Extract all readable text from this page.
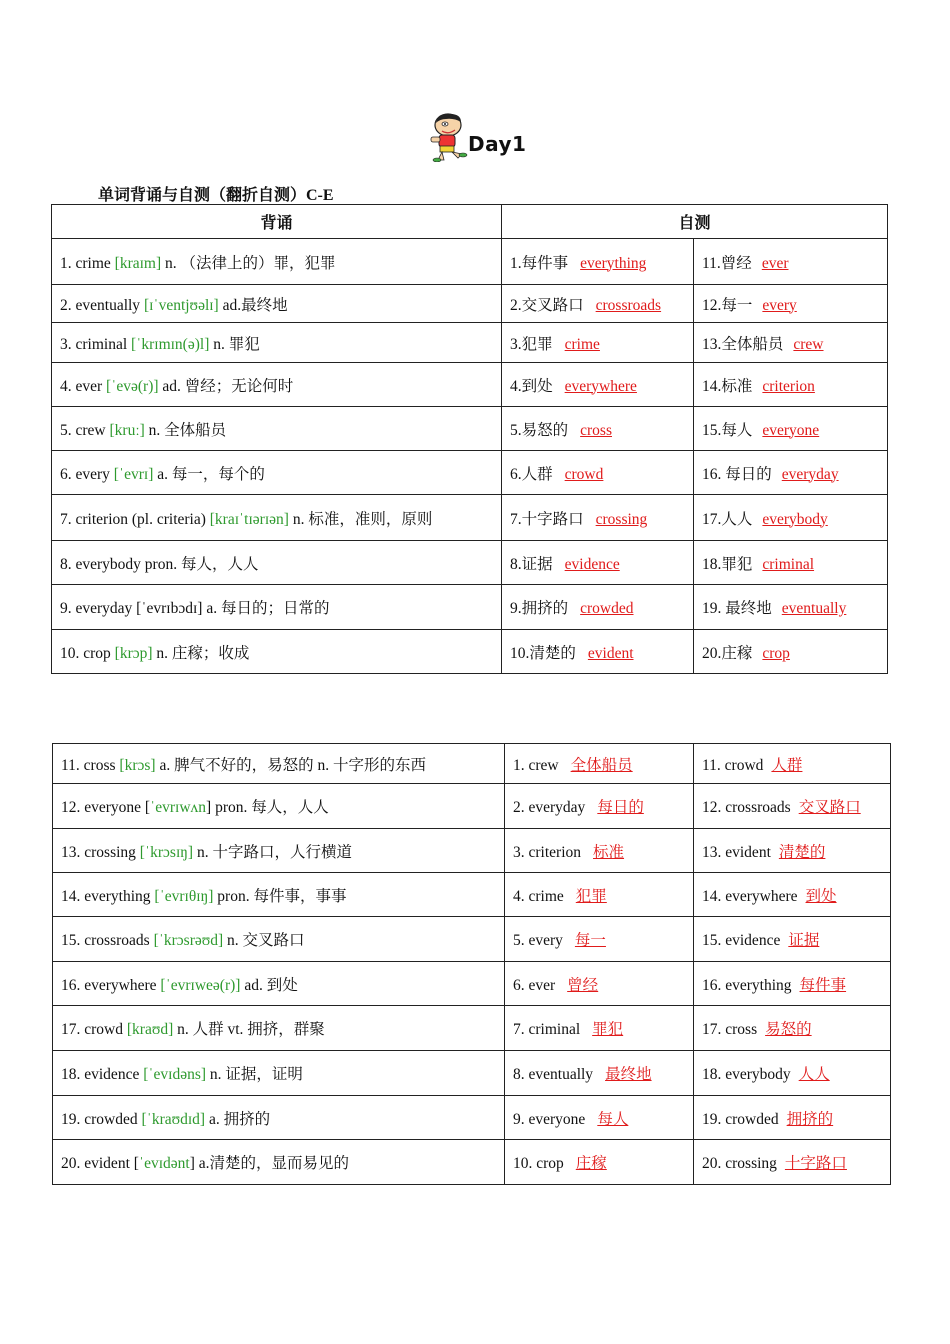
Day1
单词背诵与自测（翻折自测）C-E
背诵	自测	
1. crime [kraɪm] n. （法律上的）罪，犯罪	1.每件事 everything	11.曾经 ever
2. eventually [ɪˈventjʊəlɪ] ad.最终地	2.交叉路口 crossroads	12.每一 every
3. criminal [ˈkrɪmɪn(ə)l] n. 罪犯	3.犯罪 crime	13.全体船员 crew
4. ever [ˈevə(r)] ad. 曾经；无论何时	4.到处 everywhere	14.标准 criterion
5. crew [kruː] n. 全体船员	5.易怒的 cross	15.每人 everyone
6. every [ˈevrɪ] a. 每一，每个的	6.人群 crowd	16. 每日的 everyday
7. criterion (pl. criteria) [kraɪˈtɪərɪən] n. 标准，准则，原则	7.十字路口 crossing	17.人人 everybody
8. everybody pron. 每人，人人	8.证据 evidence	18.罪犯 criminal
9. everyday [ˈevrɪbɔdɪ] a. 每日的；日常的	9.拥挤的 crowded	19. 最终地 eventually
10. crop [krɔp] n. 庄稼；收成	10.清楚的 evident	20.庄稼 crop
11. cross [krɔs] a. 脾气不好的，易怒的 n. 十字形的东西	1. crew 全体船员	11. crowd 人群
12. everyone [ˈevrɪwʌn] pron. 每人，人人	2. everyday 每日的	12. crossroads 交叉路口
13. crossing [ˈkrɔsɪŋ] n. 十字路口，人行横道	3. criterion 标准	13. evident 清楚的
14. everything [ˈevrɪθɪŋ] pron. 每件事，事事	4. crime 犯罪	14. everywhere 到处
15. crossroads [ˈkrɔsrəʊd] n. 交叉路口	5. every 每一	15. evidence 证据
16. everywhere [ˈevrɪweə(r)] ad. 到处	6. ever 曾经	16. everything 每件事
17. crowd [kraʊd] n. 人群 vt. 拥挤，群聚	7. criminal 罪犯	17. cross 易怒的
18. evidence [ˈevɪdəns] n. 证据，证明	8. eventually 最终地	18. everybody 人人
19. crowded [ˈkraʊdɪd] a. 拥挤的	9. everyone 每人	19. crowded 拥挤的
20. evident [ˈevɪdənt] a.清楚的，显而易见的	10. crop 庄稼	20. crossing 十字路口
